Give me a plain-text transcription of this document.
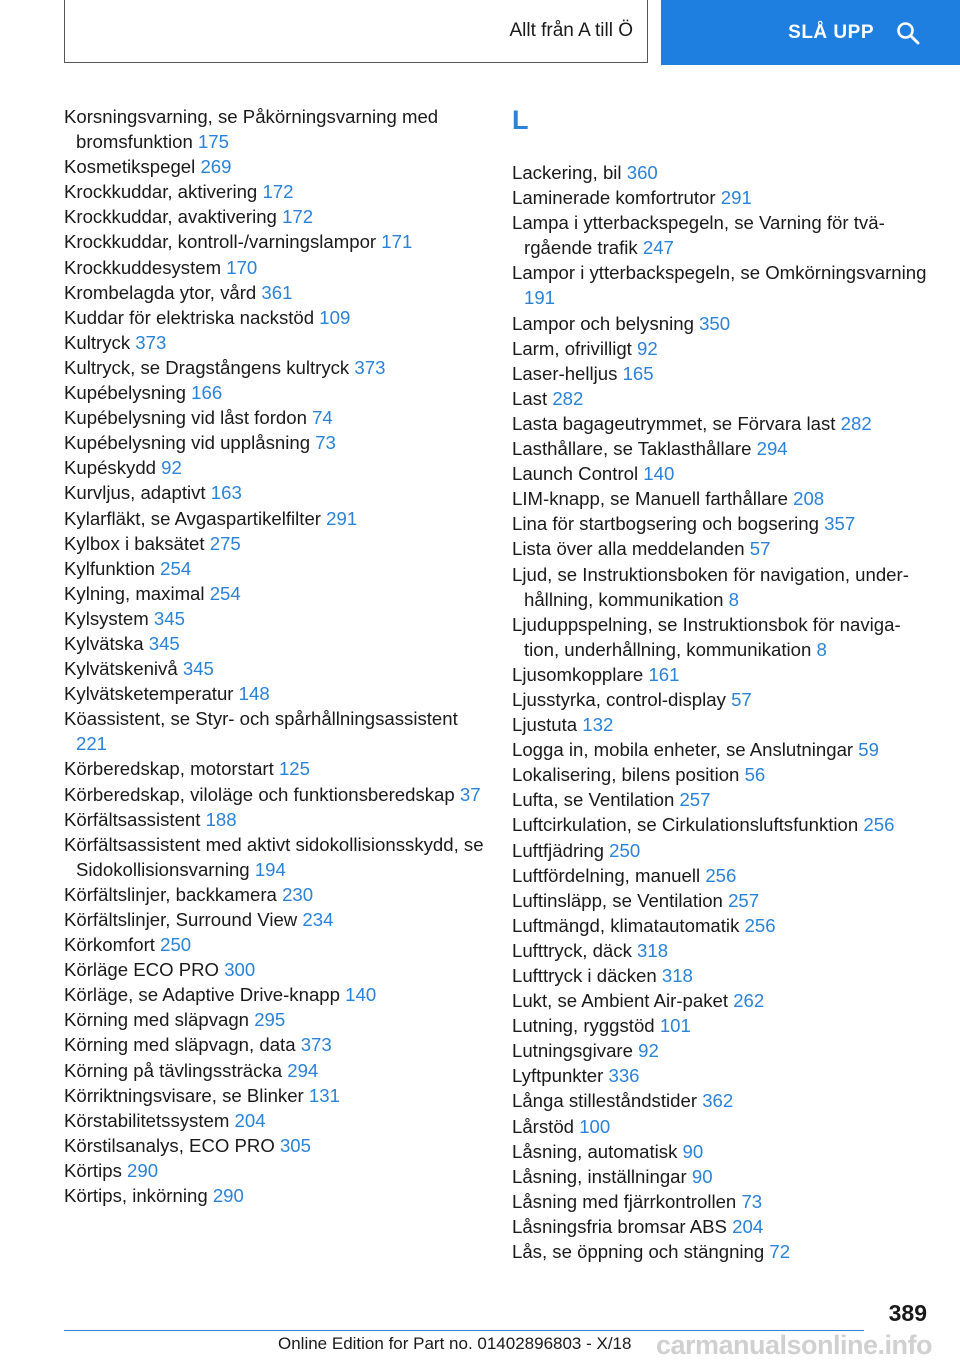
Allt från A till Ö	SLÅ UPP
Korsningsvarning, se Påkörningsvarning med bromsfunktion 175
Kosmetikspegel 269
Krockkuddar, aktivering 172
Krockkuddar, avaktivering 172
Krockkuddar, kontroll-/varningslampor 171
Krockkuddesystem 170
Krombelagda ytor, vård 361
Kuddar för elektriska nackstöd 109
Kultryck 373
Kultryck, se Dragstångens kultryck 373
Kupébelysning 166
Kupébelysning vid låst fordon 74
Kupébelysning vid upplåsning 73
Kupéskydd 92
Kurvljus, adaptivt 163
Kylarfläkt, se Avgaspartikelfilter 291
Kylbox i baksätet 275
Kylfunktion 254
Kylning, maximal 254
Kylsystem 345
Kylvätska 345
Kylvätskenivå 345
Kylvätsketemperatur 148
Köassistent, se Styr- och spårhållningsassistent 221
Körberedskap, motorstart 125
Körberedskap, viloläge och funktionsberedskap 37
Körfältsassistent 188
Körfältsassistent med aktivt sidokollisionsskydd, se Sidokollisionsvarning 194
Körfältslinjer, backkamera 230
Körfältslinjer, Surround View 234
Körkomfort 250
Körläge ECO PRO 300
Körläge, se Adaptive Drive-knapp 140
Körning med släpvagn 295
Körning med släpvagn, data 373
Körning på tävlingssträcka 294
Körriktningsvisare, se Blinker 131
Körstabilitetssystem 204
Körstilsanalys, ECO PRO 305
Körtips 290
Körtips, inkörning 290
L
Lackering, bil 360
Laminerade komfortrutor 291
Lampa i ytterbackspegeln, se Varning för tvärgående trafik 247
Lampor i ytterbackspegeln, se Omkörningsvarning 191
Lampor och belysning 350
Larm, ofrivilligt 92
Laser-helljus 165
Last 282
Lasta bagageutrymmet, se Förvara last 282
Lasthållare, se Taklasthållare 294
Launch Control 140
LIM-knapp, se Manuell farthållare 208
Lina för startbogsering och bogsering 357
Lista över alla meddelanden 57
Ljud, se Instruktionsboken för navigation, underhållning, kommunikation 8
Ljuduppspelning, se Instruktionsbok för navigation, underhållning, kommunikation 8
Ljusomkopplare 161
Ljusstyrka, control-display 57
Ljustuta 132
Logga in, mobila enheter, se Anslutningar 59
Lokalisering, bilens position 56
Lufta, se Ventilation 257
Luftcirkulation, se Cirkulationsluftsfunktion 256
Luftfjädring 250
Luftfördelning, manuell 256
Luftinsläpp, se Ventilation 257
Luftmängd, klimatautomatik 256
Lufttryck, däck 318
Lufttryck i däcken 318
Lukt, se Ambient Air-paket 262
Lutning, ryggstöd 101
Lutningsgivare 92
Lyftpunkter 336
Långa stilleståndstider 362
Lårstöd 100
Låsning, automatisk 90
Låsning, inställningar 90
Låsning med fjärrkontrollen 73
Låsningsfria bromsar ABS 204
Lås, se öppning och stängning 72
389
Online Edition for Part no. 01402896803 - X/18 carmanualsonline.info
